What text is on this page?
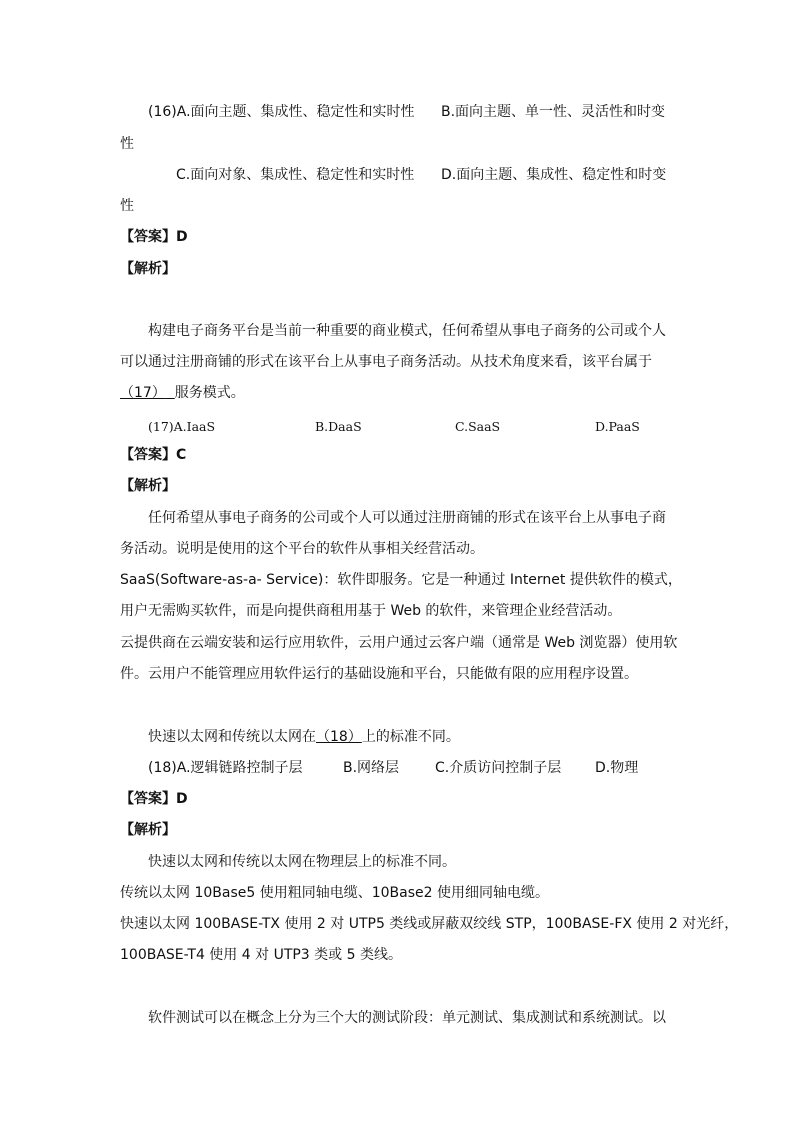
(16)A.面向主题、集成性、稳定性和实时性 B.面向主题、单一性、灵活性和时变
性
C.面向对象、集成性、稳定性和实时性 D.面向主题、集成性、稳定性和时变
性
【答案】D
【解析】
构建电子商务平台是当前一种重要的商业模式，任何希望从事电子商务的公司或个人
可以通过注册商铺的形式在该平台上从事电子商务活动。从技术角度来看，该平台属于
（17） 服务模式。
(17)A.IaaS	B.DaaS	C.SaaS	D.PaaS
【答案】C
【解析】
任何希望从事电子商务的公司或个人可以通过注册商铺的形式在该平台上从事电子商
务活动。说明是使用的这个平台的软件从事相关经营活动。
SaaS(Software-as-a- Service)：软件即服务。它是一种通过 Internet 提供软件的模式，
用户无需购买软件，而是向提供商租用基于 Web 的软件，来管理企业经营活动。
云提供商在云端安装和运行应用软件，云用户通过云客户端（通常是 Web 浏览器）使用软
件。云用户不能管理应用软件运行的基础设施和平台，只能做有限的应用程序设置。
快速以太网和传统以太网在（18）上的标准不同。
(18)A.逻辑链路控制子层	B.网络层	C.介质访问控制子层 D.物理
【答案】D
【解析】
快速以太网和传统以太网在物理层上的标准不同。
传统以太网 10Base5 使用粗同轴电缆、10Base2 使用细同轴电缆。
快速以太网 100BASE-TX 使用 2 对 UTP5 类线或屏蔽双绞线 STP，100BASE-FX 使用 2 对光纤，
100BASE-T4 使用 4 对 UTP3 类或 5 类线。
软件测试可以在概念上分为三个大的测试阶段：单元测试、集成测试和系统测试。以
